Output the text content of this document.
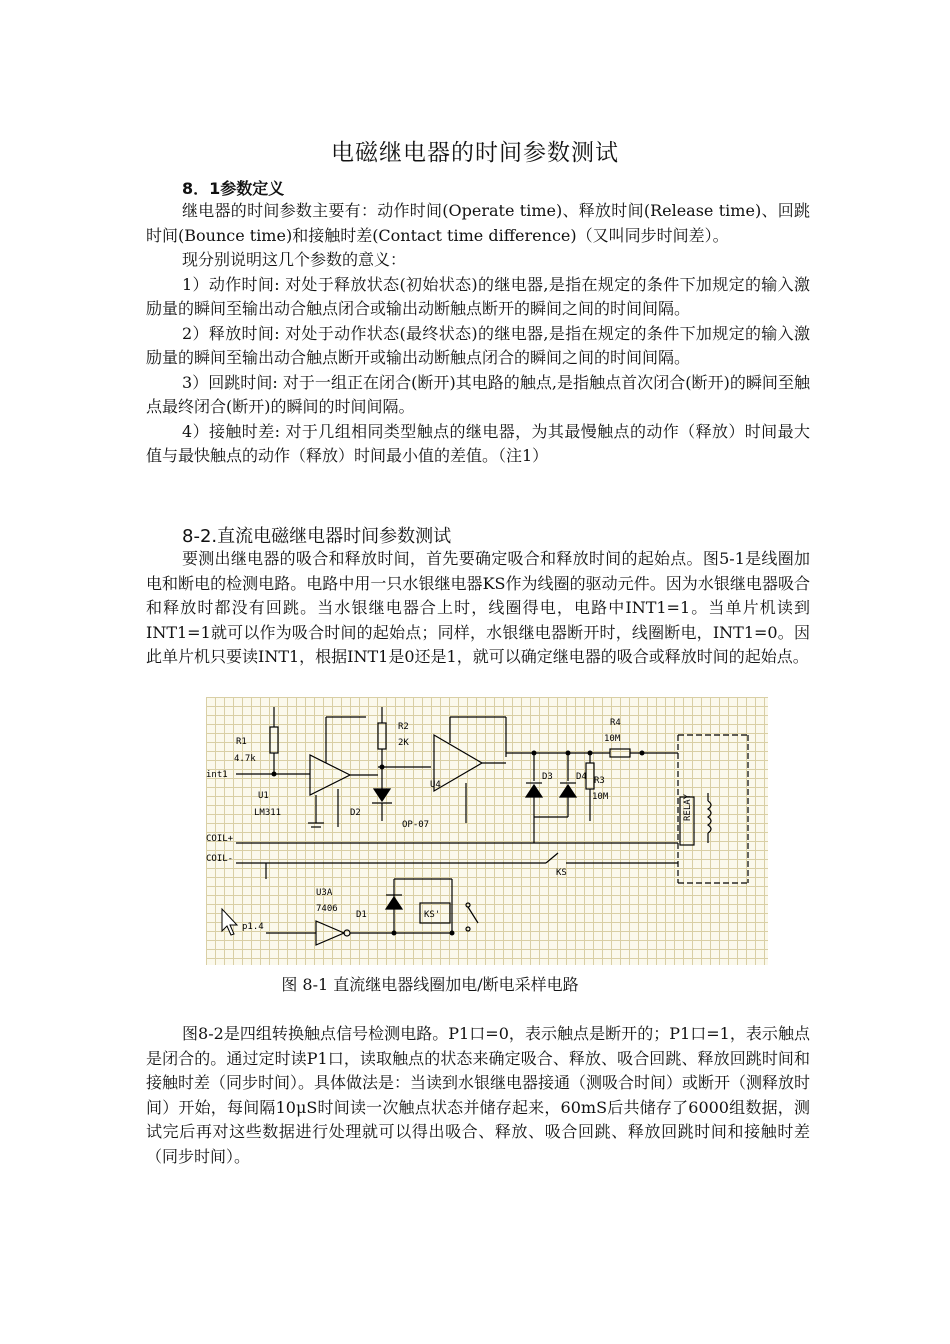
电磁继电器的时间参数测试
8．1参数定义

继电器的时间参数主要有：动作时间(Operate time)、释放时间(Release time)、回跳时间(Bounce time)和接触时差(Contact time difference)（又叫同步时间差）。

现分别说明这几个参数的意义：

1）动作时间: 对处于释放状态(初始状态)的继电器,是指在规定的条件下加规定的输入激励量的瞬间至输出动合触点闭合或输出动断触点断开的瞬间之间的时间间隔。

2）释放时间: 对处于动作状态(最终状态)的继电器,是指在规定的条件下加规定的输入激励量的瞬间至输出动合触点断开或输出动断触点闭合的瞬间之间的时间间隔。

3）回跳时间: 对于一组正在闭合(断开)其电路的触点,是指触点首次闭合(断开)的瞬间至触点最终闭合(断开)的瞬间的时间间隔。

4）接触时差: 对于几组相同类型触点的继电器，为其最慢触点的动作（释放）时间最大值与最快触点的动作（释放）时间最小值的差值。（注1）

8-2.直流电磁继电器时间参数测试

要测出继电器的吸合和释放时间，首先要确定吸合和释放时间的起始点。图5-1是线圈加电和断电的检测电路。电路中用一只水银继电器KS作为线圈的驱动元件。因为水银继电器吸合和释放时都没有回跳。当水银继电器合上时，线圈得电，电路中INT1=1。当单片机读到INT1=1就可以作为吸合时间的起始点；同样，水银继电器断开时，线圈断电，INT1=0。因此单片机只要读INT1，根据INT1是0还是1，就可以确定继电器的吸合或释放时间的起始点。

R1
4.7k
int1
U1
LM311
R2
2K
D2
OP-07
U4
R4
10M
R3
10M
D3	D4
COIL+
COIL-
KS
U3A
7406
D1	KS'
p1.4
RELAY
图 8-1 直流继电器线圈加电/断电采样电路

图8-2是四组转换触点信号检测电路。P1口=0，表示触点是断开的；P1口=1，表示触点是闭合的。通过定时读P1口，读取触点的状态来确定吸合、释放、吸合回跳、释放回跳时间和接触时差（同步时间）。具体做法是：当读到水银继电器接通（测吸合时间）或断开（测释放时间）开始，每间隔10μS时间读一次触点状态并储存起来，60mS后共储存了6000组数据，测试完后再对这些数据进行处理就可以得出吸合、释放、吸合回跳、释放回跳时间和接触时差（同步时间）。
